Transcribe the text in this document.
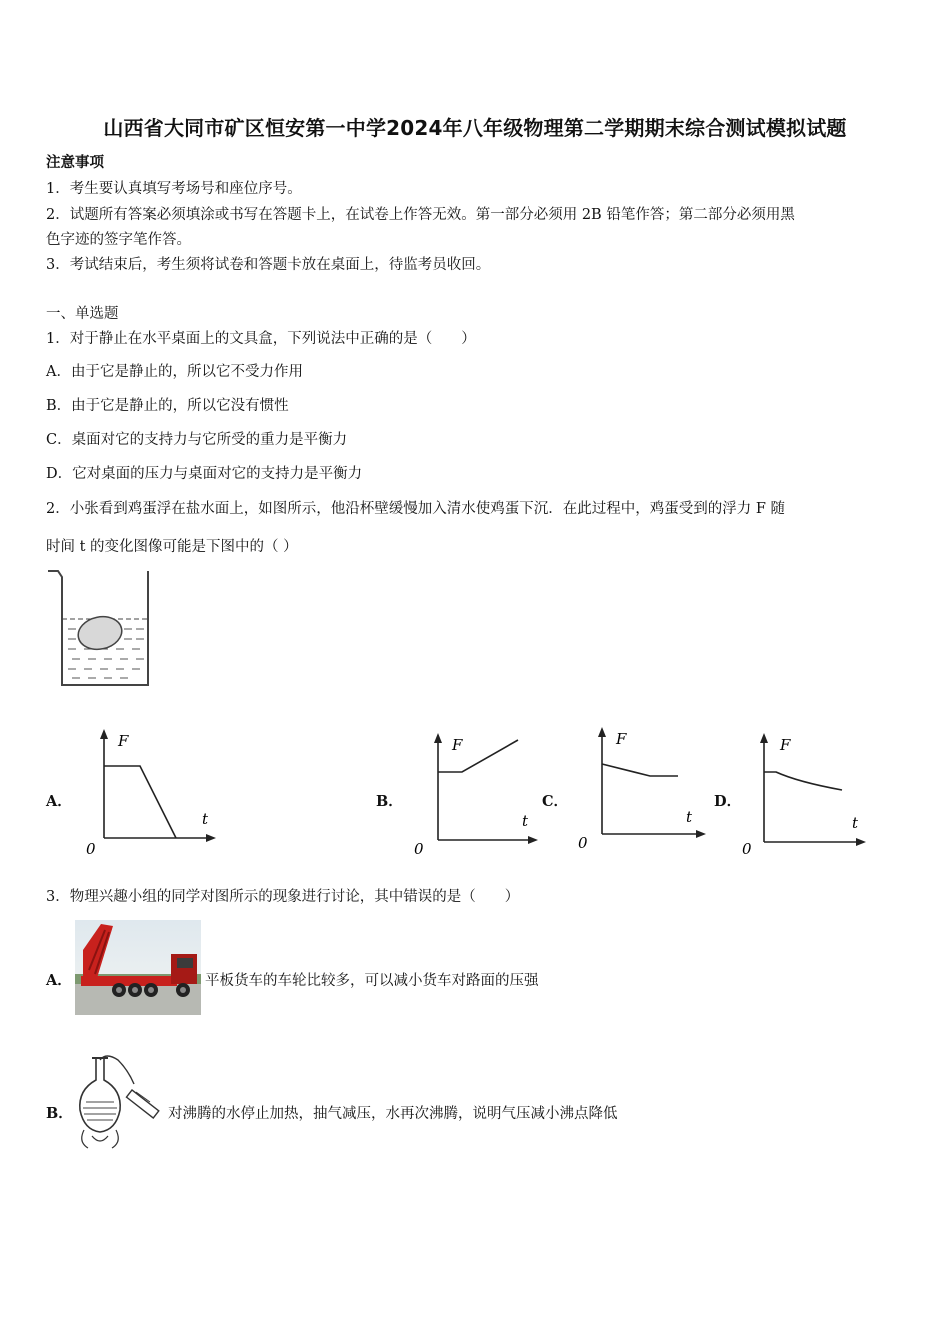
山西省大同市矿区恒安第一中学2024年八年级物理第二学期期末综合测试模拟试题
注意事项
1．考生要认真填写考场号和座位序号。
2．试题所有答案必须填涂或书写在答题卡上，在试卷上作答无效。第一部分必须用 2B 铅笔作答；第二部分必须用黑
色字迹的签字笔作答。
3．考试结束后，考生须将试卷和答题卡放在桌面上，待监考员收回。
一、单选题
1．对于静止在水平桌面上的文具盒，下列说法中正确的是（　　）
A．由于它是静止的，所以它不受力作用
B．由于它是静止的，所以它没有惯性
C．桌面对它的支持力与它所受的重力是平衡力
D．它对桌面的压力与桌面对它的支持力是平衡力
2．小张看到鸡蛋浮在盐水面上，如图所示，他沿杯壁缓慢加入清水使鸡蛋下沉．在此过程中，鸡蛋受到的浮力 F 随
时间 t 的变化图像可能是下图中的（ ）
A．	B．	C．	D．
F
t
0
F
t
0
F
t
0
F
t
0
3．物理兴趣小组的同学对图所示的现象进行讨论，其中错误的是（　　）
A．	平板货车的车轮比较多，可以减小货车对路面的压强
B．	对沸腾的水停止加热，抽气减压，水再次沸腾，说明气压减小沸点降低
